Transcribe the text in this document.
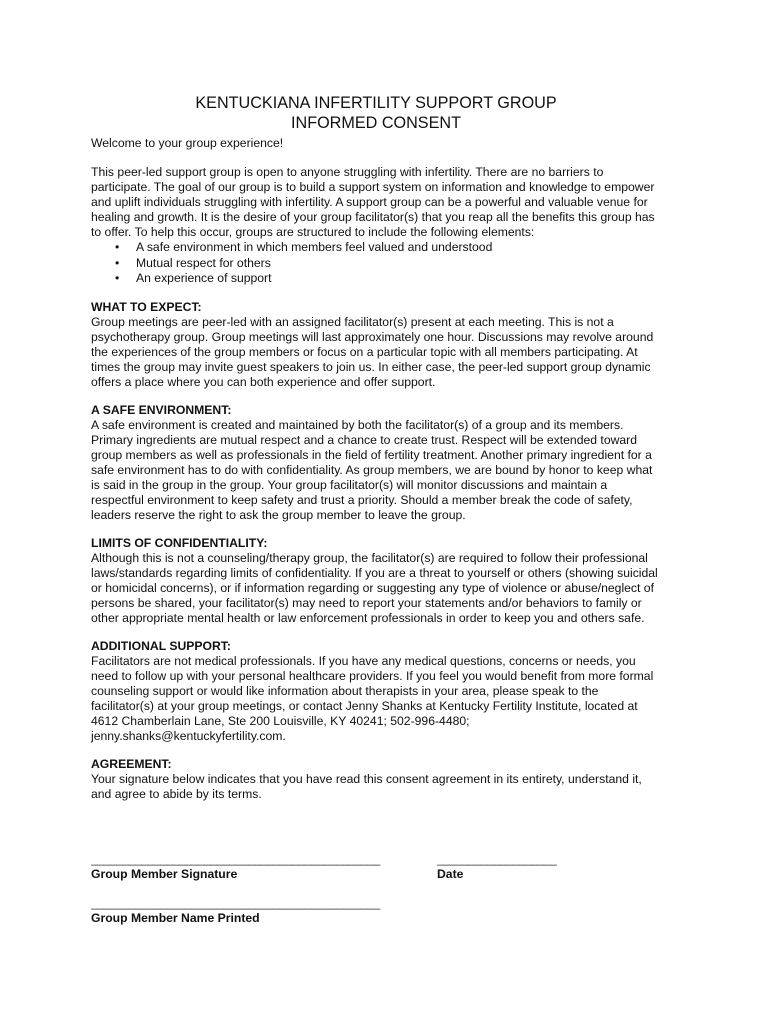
KENTUCKIANA INFERTILITY SUPPORT GROUP
INFORMED CONSENT

Welcome to your group experience!

This peer-led support group is open to anyone struggling with infertility. There are no barriers to participate. The goal of our group is to build a support system on information and knowledge to empower and uplift individuals struggling with infertility. A support group can be a powerful and valuable venue for healing and growth. It is the desire of your group facilitator(s) that you reap all the benefits this group has to offer. To help this occur, groups are structured to include the following elements:

• A safe environment in which members feel valued and understood
• Mutual respect for others
• An experience of support

WHAT TO EXPECT:

Group meetings are peer-led with an assigned facilitator(s) present at each meeting. This is not a psychotherapy group. Group meetings will last approximately one hour. Discussions may revolve around the experiences of the group members or focus on a particular topic with all members participating. At times the group may invite guest speakers to join us. In either case, the peer-led support group dynamic offers a place where you can both experience and offer support.

A SAFE ENVIRONMENT:

A safe environment is created and maintained by both the facilitator(s) of a group and its members. Primary ingredients are mutual respect and a chance to create trust. Respect will be extended toward group members as well as professionals in the field of fertility treatment. Another primary ingredient for a safe environment has to do with confidentiality. As group members, we are bound by honor to keep what is said in the group in the group. Your group facilitator(s) will monitor discussions and maintain a respectful environment to keep safety and trust a priority. Should a member break the code of safety, leaders reserve the right to ask the group member to leave the group.

LIMITS OF CONFIDENTIALITY:

Although this is not a counseling/therapy group, the facilitator(s) are required to follow their professional laws/standards regarding limits of confidentiality. If you are a threat to yourself or others (showing suicidal or homicidal concerns), or if information regarding or suggesting any type of violence or abuse/neglect of persons be shared, your facilitator(s) may need to report your statements and/or behaviors to family or other appropriate mental health or law enforcement professionals in order to keep you and others safe.

ADDITIONAL SUPPORT:

Facilitators are not medical professionals. If you have any medical questions, concerns or needs, you need to follow up with your personal healthcare providers. If you feel you would benefit from more formal counseling support or would like information about therapists in your area, please speak to the facilitator(s) at your group meetings, or contact Jenny Shanks at Kentucky Fertility Institute, located at 4612 Chamberlain Lane, Ste 200 Louisville, KY 40241; 502-996-4480; jenny.shanks@kentuckyfertility.com.

AGREEMENT:

Your signature below indicates that you have read this consent agreement in its entirety, understand it, and agree to abide by its terms.

______________________________________________
Group Member Signature
___________________
Date
______________________________________________
Group Member Name Printed
